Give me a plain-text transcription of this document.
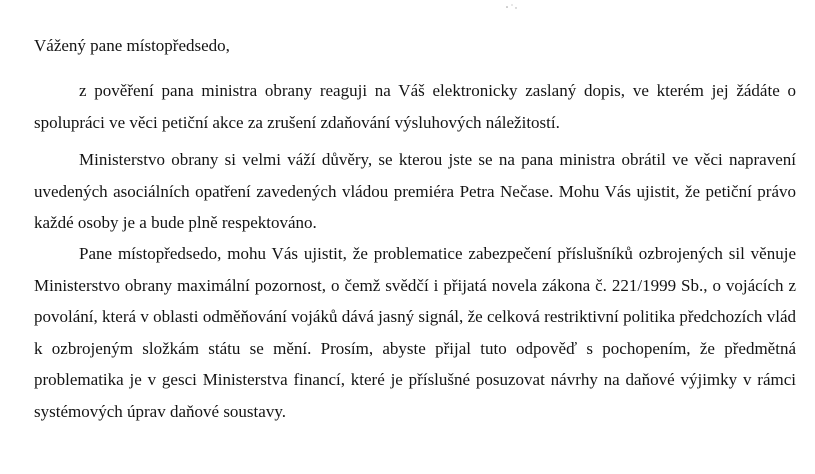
Vážený pane místopředsedo,

z pověření pana ministra obrany reaguji na Váš elektronicky zaslaný dopis, ve kterém jej žádáte o spolupráci ve věci petiční akce za zrušení zdaňování výsluhových náležitostí.

Ministerstvo obrany si velmi váží důvěry, se kterou jste se na pana ministra obrátil ve věci napravení uvedených asociálních opatření zavedených vládou premiéra Petra Nečase. Mohu Vás ujistit, že petiční právo každé osoby je a bude plně respektováno.

Pane místopředsedo, mohu Vás ujistit, že problematice zabezpečení příslušníků ozbrojených sil věnuje Ministerstvo obrany maximální pozornost, o čemž svědčí i přijatá novela zákona č. 221/1999 Sb., o vojácích z povolání, která v oblasti odměňování vojáků dává jasný signál, že celková restriktivní politika předchozích vlád k ozbrojeným složkám státu se mění. Prosím, abyste přijal tuto odpověď s pochopením, že předmětná problematika je v gesci Ministerstva financí, které je příslušné posuzovat návrhy na daňové výjimky v rámci systémových úprav daňové soustavy.
